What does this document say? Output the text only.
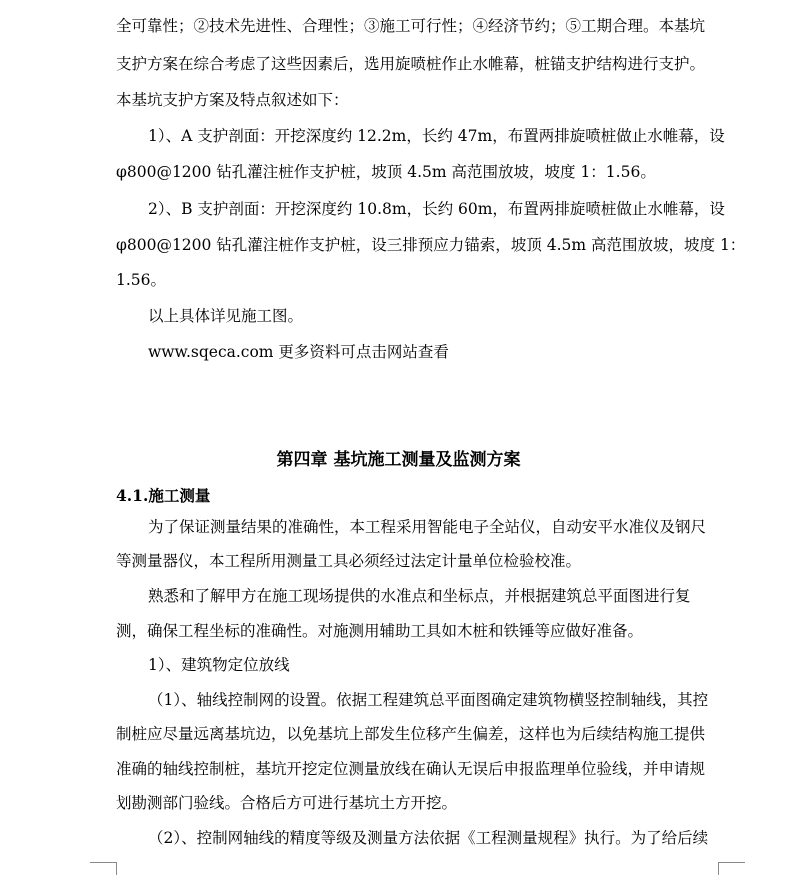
全可靠性；②技术先进性、合理性；③施工可行性；④经济节约；⑤工期合理。本基坑
支护方案在综合考虑了这些因素后，选用旋喷桩作止水帷幕，桩锚支护结构进行支护。
本基坑支护方案及特点叙述如下：
1）、A 支护剖面：开挖深度约 12.2m，长约 47m，布置两排旋喷桩做止水帷幕，设
φ800@1200 钻孔灌注桩作支护桩，坡顶 4.5m 高范围放坡，坡度 1：1.56。
2）、B 支护剖面：开挖深度约 10.8m，长约 60m，布置两排旋喷桩做止水帷幕，设
φ800@1200 钻孔灌注桩作支护桩，设三排预应力锚索，坡顶 4.5m 高范围放坡，坡度 1：
1.56。
以上具体详见施工图。
www.sqeca.com 更多资料可点击网站查看
第四章 基坑施工测量及监测方案
4.1.施工测量
为了保证测量结果的准确性，本工程采用智能电子全站仪，自动安平水准仪及钢尺
等测量器仪，本工程所用测量工具必须经过法定计量单位检验校准。
熟悉和了解甲方在施工现场提供的水准点和坐标点，并根据建筑总平面图进行复
测，确保工程坐标的准确性。对施测用辅助工具如木桩和铁锤等应做好准备。
1）、建筑物定位放线
（1）、轴线控制网的设置。依据工程建筑总平面图确定建筑物横竖控制轴线，其控
制桩应尽量远离基坑边，以免基坑上部发生位移产生偏差，这样也为后续结构施工提供
准确的轴线控制桩，基坑开挖定位测量放线在确认无误后申报监理单位验线，并申请规
划勘测部门验线。合格后方可进行基坑土方开挖。
（2）、控制网轴线的精度等级及测量方法依据《工程测量规程》执行。为了给后续
